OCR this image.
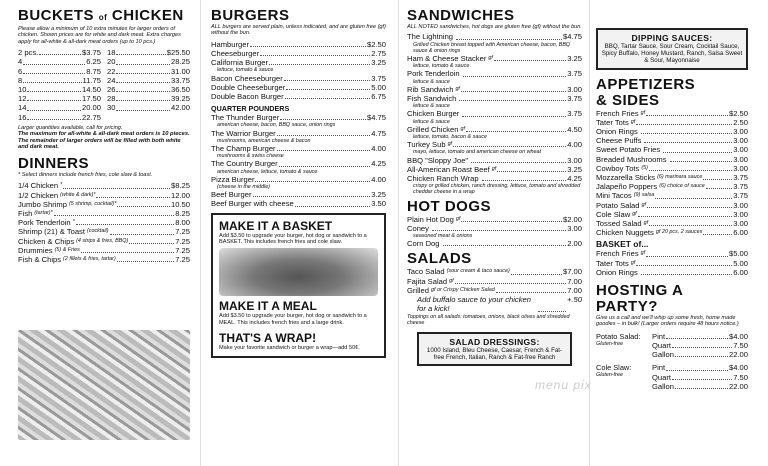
BUCKETS of CHICKEN
Please allow a minimum of 10 extra minutes for larger orders of chicken. Shown prices are for white and dark meat. Extra charges apply for all-white & all-dark meat orders (up to 10 pcs.)
2 pcs.	$3.75
4	6.25
6	8.75
8	11.75
10	14.50
12	17.50
14	20.00
16	22.75
18	$25.50
20	28.25
22	31.00
24	33.75
26	36.50
28	39.25
30	42.00
Larger quantities available, call for pricing.
The maximum for all-white & all-dark meat orders is 10 pieces. The remainder of larger orders will be filled with both white and dark meat.
DINNERS
* Select dinners include french fries, cole slaw & toast.
1/4 Chicken *	$8.25
1/2 Chicken (white & dark)*	12.00
Jumbo Shrimp (5 shrimp, cocktail)*	10.50
Fish (tartar)*	8.25
Pork Tenderloin *	8.00
Shrimp (21) & Toast (cocktail)	7.25
Chicken & Chips (4 strips & fries, BBQ)	7.25
Drummies (5) & Fries	7.25
Fish & Chips (2 fillets & fries, tartar)	7.25
BURGERS
ALL burgers are served plain, unless indicated, and are gluten free (gf) without the bun.
Hamburger	$2.50
Cheeseburger	2.75
California Burger	3.25
lettuce, tomato & sauce
Bacon Cheeseburger	3.75
Double Cheeseburger	5.00
Double Bacon Burger	6.75
QUARTER POUNDERS
The Thunder Burger	$4.75
american cheese, bacon, BBQ sauce, onion rings
The Warrior Burger	4.75
mushrooms, american cheese & bacon
The Champ Burger	4.00
mushrooms & swiss cheese
The Country Burger	4.25
american cheese, lettuce, tomato & sauce
Pizza Burger	4.00
(cheese in the middle)
Beef Burger	3.25
Beef Burger with cheese	3.50
MAKE IT A BASKET
Add $3.50 to upgrade your burger, hot dog or sandwich to a BASKET. This includes french fries and cole slaw.
MAKE IT A MEAL
Add $3.50 to upgrade your burger, hot dog or sandwich to a MEAL. This includes french fries and a large drink.
THAT'S A WRAP!
Make your favorite sandwich or burger a wrap—add 50¢.
SANDWICHES
ALL NOTED sandwiches, hot dogs are gluten free (gf) without the bun.
The Lightning	$4.75
Grilled Chicken breast topped with American cheese, bacon, BBQ sauce & onion rings
Ham & Cheese Stacker gf	3.25
lettuce, tomato & sauce
Pork Tenderloin	3.75
lettuce & sauce
Rib Sandwich gf	3.00
Fish Sandwich	3.75
lettuce & sauce
Chicken Burger	3.75
lettuce & sauce
Grilled Chicken gf	4.50
lettuce, tomato, bacon & sauce
Turkey Sub gf	4.00
mayo, lettuce, tomato and american cheese on wheat
BBQ "Sloppy Joe"	3.00
All-American Roast Beef gf	3.25
Chicken Ranch Wrap	4.25
crispy or grilled chicken, ranch dressing, lettuce, tomato and shredded cheddar cheese in a wrap
HOT DOGS
Plain Hot Dog gf	$2.00
Coney	3.00
seasoned meat & onions
Corn Dog	2.00
SALADS
Taco Salad (sour cream & taco sauce)	$7.00
Fajita Salad gf	7.00
Grilled gf or Crispy Chicken Salad	7.00
Add buffalo sauce to your chicken for a kick!
+.50
Toppings on all salads: tomatoes, onions, black olives and shredded cheese
SALAD DRESSINGS:
1000 Island, Bleu Cheese, Caesar, French & Fat-free French, Italian, Ranch & Fat-free Ranch
DIPPING SAUCES:
BBQ, Tartar Sauce, Sour Cream, Cocktail Sauce, Spicy Buffalo, Honey Mustard, Ranch, Salsa Sweet & Sour, Mayonnaise
APPETIZERS
& SIDES
French Fries gf	$2.50
Tater Tots gf	2.50
Onion Rings	3.00
Cheese Puffs	3.00
Sweet Potato Fries	3.00
Breaded Mushrooms	3.00
Cowboy Tots (5)	3.00
Mozzarella Sticks (6) marinara sauce	3.75
Jalapeño Poppers (6) choice of sauce	3.75
Mini Tacos (9) salsa	3.75
Potato Salad gf	3.00
Cole Slaw gf	3.00
Tossed Salad gf	3.00
Chicken Nuggets gf 20 pcs, 2 sauces	6.00
BASKET of...
French Fries gf	$5.00
Tater Tots gf	5.00
Onion Rings	6.00
HOSTING A PARTY?
Give us a call and we'll whip up some fresh, home made goodies – in bulk! (Larger orders require 48 hours notice.)
Potato Salad:
Gluten-free
Pint	$4.00
Quart	7.50
Gallon	22.00
Cole Slaw:
Gluten-free
Pint	$4.00
Quart	7.50
Gallon	22.00
menu pix
